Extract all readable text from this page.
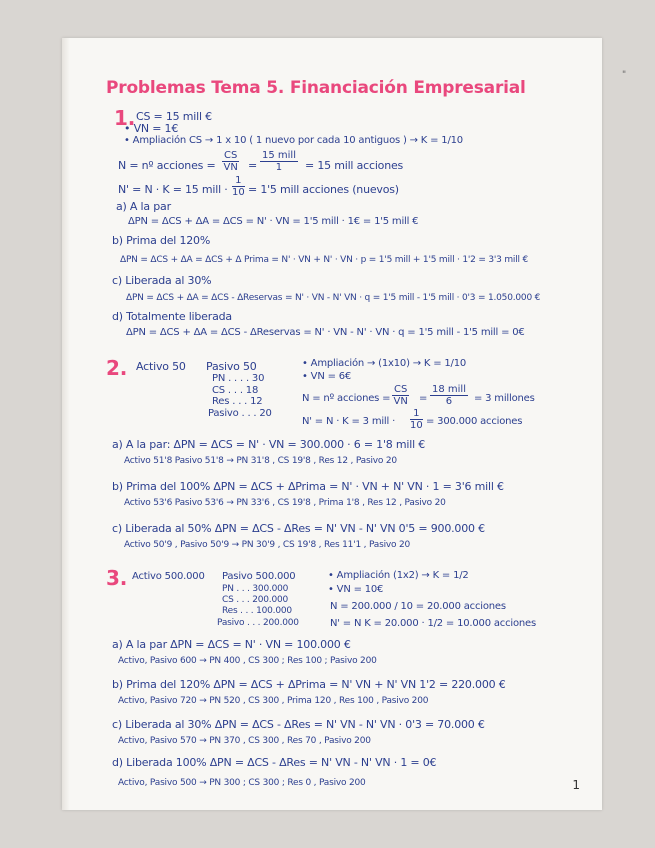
"
Problemas Tema 5. Financiación Empresarial
1. CS = 15 mill €
• VN = 1€
• Ampliación CS → 1 x 10 ( 1 nuevo por cada 10 antiguos ) → K = 1/10
N = nº acciones = $\frac{CS}{VN}$ =
15 mill
1	= 15 mill acciones
N' = N · K = 15 mill · $\frac{1}{10} = 1'5$ mill acciones (nuevos)
a) A la par
ΔPN = ΔCS + ΔA = ΔCS = N' · VN = 1'5 mill · 1€ = 1'5 mill €
b) Prima del 120%
ΔPN = ΔCS + ΔA = ΔCS + Δ Prima = N' · VN + N' · VN · p = 1'5 mill + 1'5 mill · 1'2 = 3'3 mill €
c) Liberada al 30%
ΔPN = ΔCS + ΔA = ΔCS - ΔReservas = N' · VN - N' VN · q = 1'5 mill - 1'5 mill · 0'3 = 1.050.000 €
d) Totalmente liberada
ΔPN = ΔCS + ΔA = ΔCS - ΔReservas = N' · VN - N' · VN · q = 1'5 mill - 1'5 mill = 0€
2. Activo 50 Pasivo 50
PN . . . . 30
CS . . . 18
Res . . . 12
Pasivo . . . 20
• Ampliación → (1x10) → K = 1/10
• VN = 6€
N = nº acciones = $\frac{CS}{VN}$ =
18 mill
6	= 3 millones
N' = N · K = 3 mill · $\frac{1}{10} = 300.000$ acciones
a) A la par: ΔPN = ΔCS = N' · VN = 300.000 · 6 = 1'8 mill €
Activo 51'8 Pasivo 51'8 → PN 31'8 , CS 19'8 , Res 12 , Pasivo 20
b) Prima del 100% ΔPN = ΔCS + ΔPrima = N' · VN + N' VN · 1 = 3'6 mill €
Activo 53'6 Pasivo 53'6 → PN 33'6 , CS 19'8 , Prima 1'8 , Res 12 , Pasivo 20
c) Liberada al 50% ΔPN = ΔCS - ΔRes = N' VN - N' VN 0'5 = 900.000 €
Activo 50'9 , Pasivo 50'9 → PN 30'9 , CS 19'8 , Res 11'1 , Pasivo 20
3. Activo 500.000 Pasivo 500.000
PN . . . 300.000
CS . . . 200.000
Res . . . 100.000
Pasivo . . . 200.000
• Ampliación (1x2) → K = 1/2
• VN = 10€
N = 200.000 / 10 = 20.000 acciones
N' = N K = 20.000 · 1/2 = 10.000 acciones
a) A la par ΔPN = ΔCS = N' · VN = 100.000 €
Activo, Pasivo 600 → PN 400 , CS 300 ; Res 100 ; Pasivo 200
b) Prima del 120% ΔPN = ΔCS + ΔPrima = N' VN + N' VN 1'2 = 220.000 €
Activo, Pasivo 720 → PN 520 , CS 300 , Prima 120 , Res 100 , Pasivo 200
c) Liberada al 30% ΔPN = ΔCS - ΔRes = N' VN - N' VN · 0'3 = 70.000 €
Activo, Pasivo 570 → PN 370 , CS 300 , Res 70 , Pasivo 200
d) Liberada 100% ΔPN = ΔCS - ΔRes = N' VN - N' VN · 1 = 0€
Activo, Pasivo 500 → PN 300 ; CS 300 ; Res 0 , Pasivo 200	1
